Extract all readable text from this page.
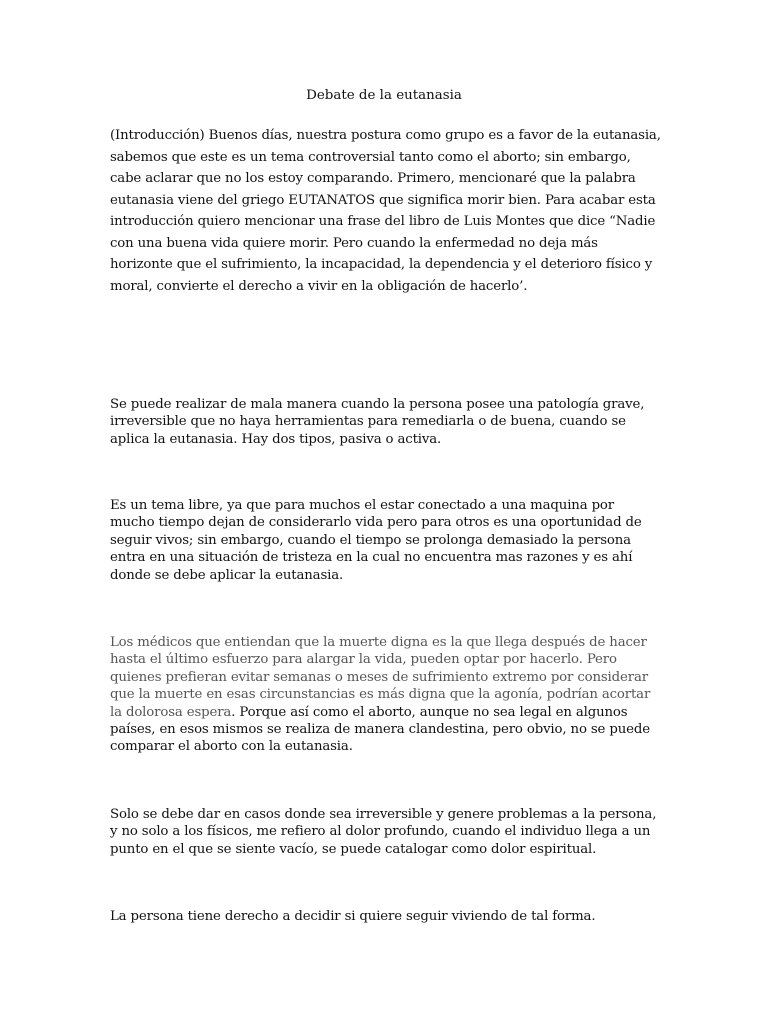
Debate de la eutanasia

(Introducción) Buenos días, nuestra postura como grupo es a favor de la eutanasia, sabemos que este es un tema controversial tanto como el aborto; sin embargo, cabe aclarar que no los estoy comparando. Primero, mencionaré que la palabra eutanasia viene del griego EUTANATOS que significa morir bien. Para acabar esta introducción quiero mencionar una frase del libro de Luis Montes que dice “Nadie con una buena vida quiere morir. Pero cuando la enfermedad no deja más horizonte que el sufrimiento, la incapacidad, la dependencia y el deterioro físico y moral, convierte el derecho a vivir en la obligación de hacerlo’.

Se puede realizar de mala manera cuando la persona posee una patología grave, irreversible que no haya herramientas para remediarla o de buena, cuando se aplica la eutanasia. Hay dos tipos, pasiva o activa.

Es un tema libre, ya que para muchos el estar conectado a una maquina por mucho tiempo dejan de considerarlo vida pero para otros es una oportunidad de seguir vivos; sin embargo, cuando el tiempo se prolonga demasiado la persona entra en una situación de tristeza en la cual no encuentra mas razones y es ahí donde se debe aplicar la eutanasia.

Los médicos que entiendan que la muerte digna es la que llega después de hacer hasta el último esfuerzo para alargar la vida, pueden optar por hacerlo. Pero quienes prefieran evitar semanas o meses de sufrimiento extremo por considerar que la muerte en esas circunstancias es más digna que la agonía, podrían acortar la dolorosa espera. Porque así como el aborto, aunque no sea legal en algunos países, en esos mismos se realiza de manera clandestina, pero obvio, no se puede comparar el aborto con la eutanasia.

Solo se debe dar en casos donde sea irreversible y genere problemas a la persona, y no solo a los físicos, me refiero al dolor profundo, cuando el individuo llega a un punto en el que se siente vacío, se puede catalogar como dolor espiritual.

La persona tiene derecho a decidir si quiere seguir viviendo de tal forma.
